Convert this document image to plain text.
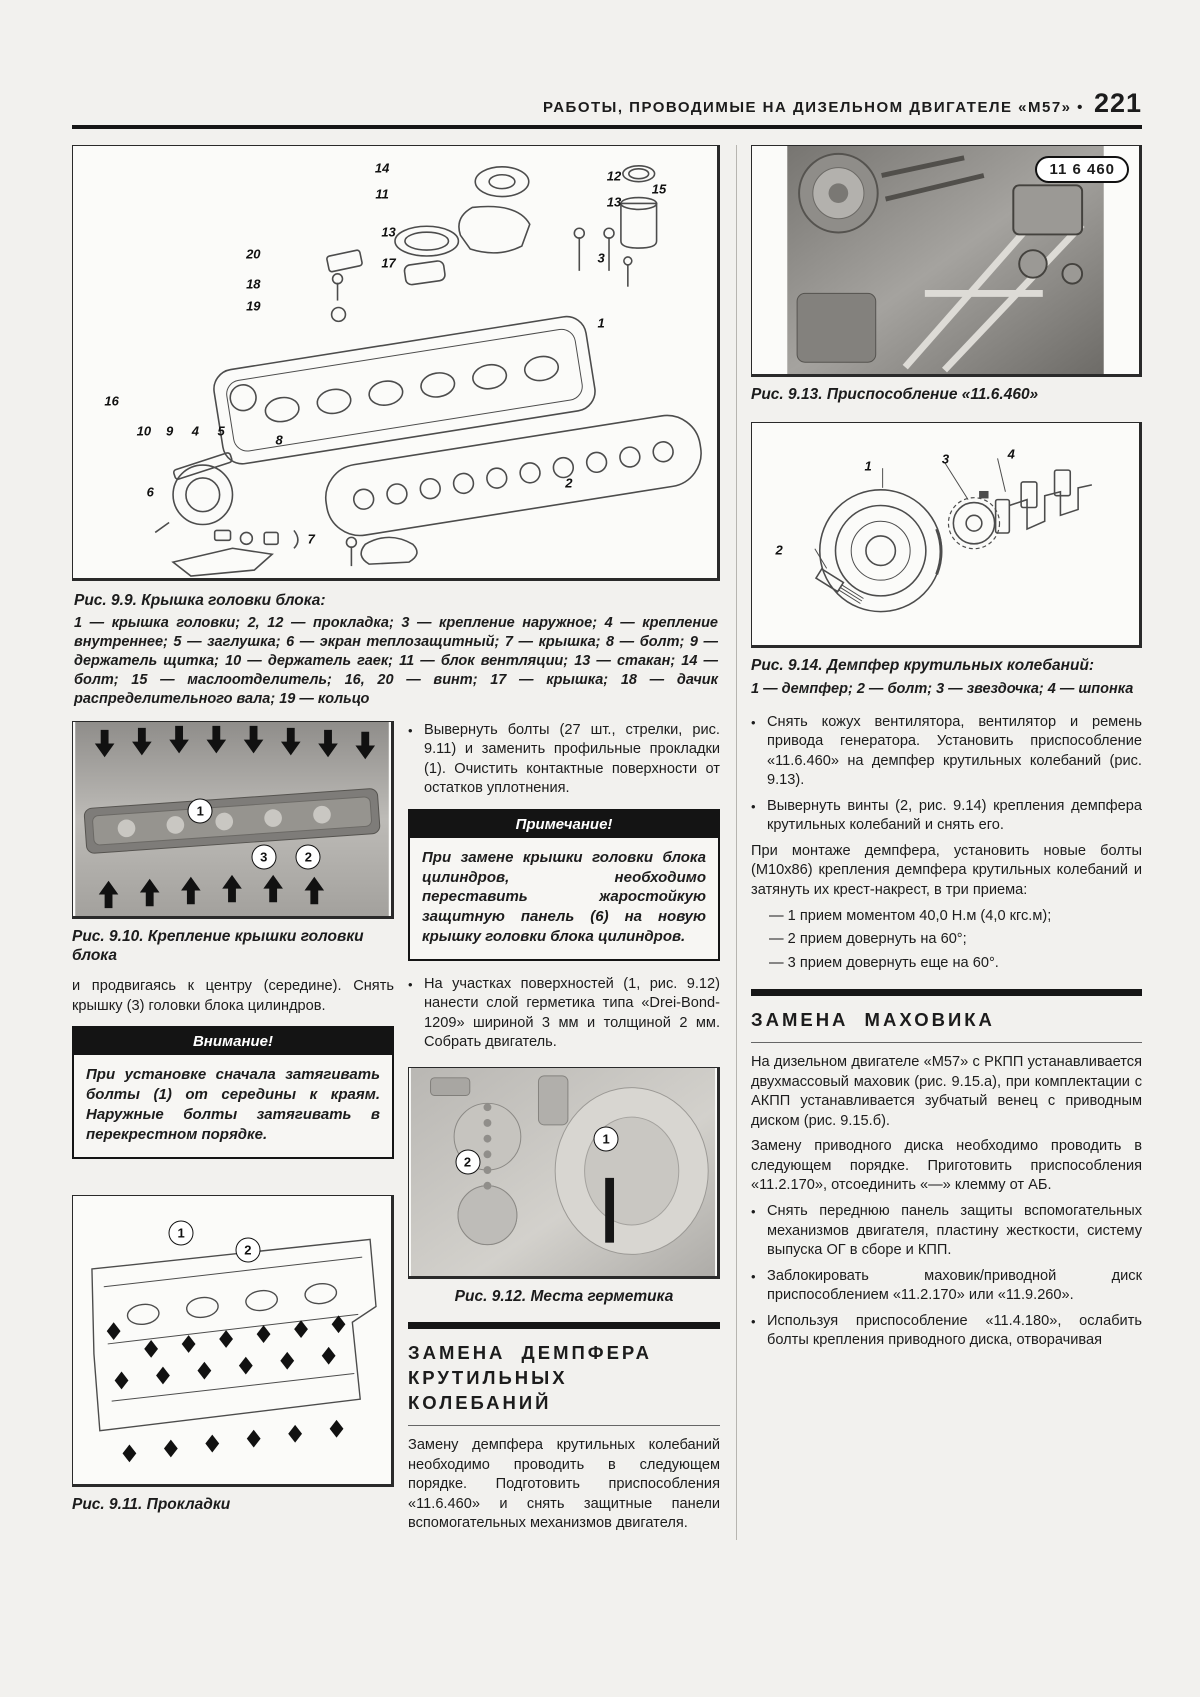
РАБОТЫ, ПРОВОДИМЫЕ НА ДИЗЕЛЬНОМ ДВИГАТЕЛЕ «М57» • 221
14
11
13
12
13
15
20
17
18
19
3
1
16
10 9 4 5
8
2
6
7
Рис. 9.9. Крышка головки блока:
1 — крышка головки; 2, 12 — прокладка; 3 — крепление наружное; 4 — крепление внутреннее; 5 — заглушка; 6 — экран теплозащитный; 7 — крышка; 8 — болт; 9 — держатель щитка; 10 — держатель гаек; 11 — блок вентляции; 13 — стакан; 14 — болт; 15 — маслоотделитель; 16, 20 — винт; 17 — крышка; 18 — дачик распределительного вала; 19 — кольцо
1
3	2
Рис. 9.10. Крепление крышки головки блока

и продвигаясь к центру (середине). Снять крышку (3) головки блока цилиндров.

Внимание!
При установке сначала затягивать болты (1) от середины к краям. Наружные болты затягивать в перекрестном порядке.
1
2
Рис. 9.11. Прокладки
• Вывернуть болты (27 шт., стрелки, рис. 9.11) и заменить профильные прокладки (1). Очистить контактные поверхности от остатков уплотнения.

Примечание!
При замене крышки головки блока цилиндров, необходимо переставить жаростойкую защитную панель (6) на новую крышку головки блока цилиндров.
• На участках поверхностей (1, рис. 9.12) нанести слой герметика типа «Drei-Bond-1209» шириной 3 мм и толщиной 2 мм. Собрать двигатель.

2
1
Рис. 9.12. Места герметика
ЗАМЕНА ДЕМПФЕРА КРУТИЛЬНЫХ КОЛЕБАНИЙ

Замену демпфера крутильных колебаний необходимо проводить в следующем порядке. Подготовить приспособления «11.6.460» и снять защитные панели вспомогательных механизмов двигателя.

11 6 460
Рис. 9.13. Приспособление «11.6.460»
1	3	4
2
Рис. 9.14. Демпфер крутильных колебаний:
1 — демпфер; 2 — болт; 3 — звездочка; 4 — шпонка
• Снять кожух вентилятора, вентилятор и ремень привода генератора. Установить приспособление «11.6.460» на демпфер крутильных колебаний (рис. 9.13).

• Вывернуть винты (2, рис. 9.14) крепления демпфера крутильных колебаний и снять его.

При монтаже демпфера, установить новые болты (М10х86) крепления демпфера крутильных колебаний и затянуть их крест-накрест, в три приема:

— 1 прием моментом 40,0 Н.м (4,0 кгс.м);

— 2 прием довернуть на 60°;

— 3 прием довернуть еще на 60°.

ЗАМЕНА МАХОВИКА

На дизельном двигателе «М57» с РКПП устанавливается двухмассовый маховик (рис. 9.15.а), при комплектации с АКПП устанавливается зубчатый венец с приводным диском (рис. 9.15.б).

Замену приводного диска необходимо проводить в следующем порядке. Приготовить приспособления «11.2.170», отсоединить «—» клемму от АБ.

• Снять переднюю панель защиты вспомогательных механизмов двигателя, пластину жесткости, систему выпуска ОГ в сборе и КПП.

• Заблокировать маховик/приводной диск приспособлением «11.2.170» или «11.9.260».

• Используя приспособление «11.4.180», ослабить болты крепления приводного диска, отворачивая
